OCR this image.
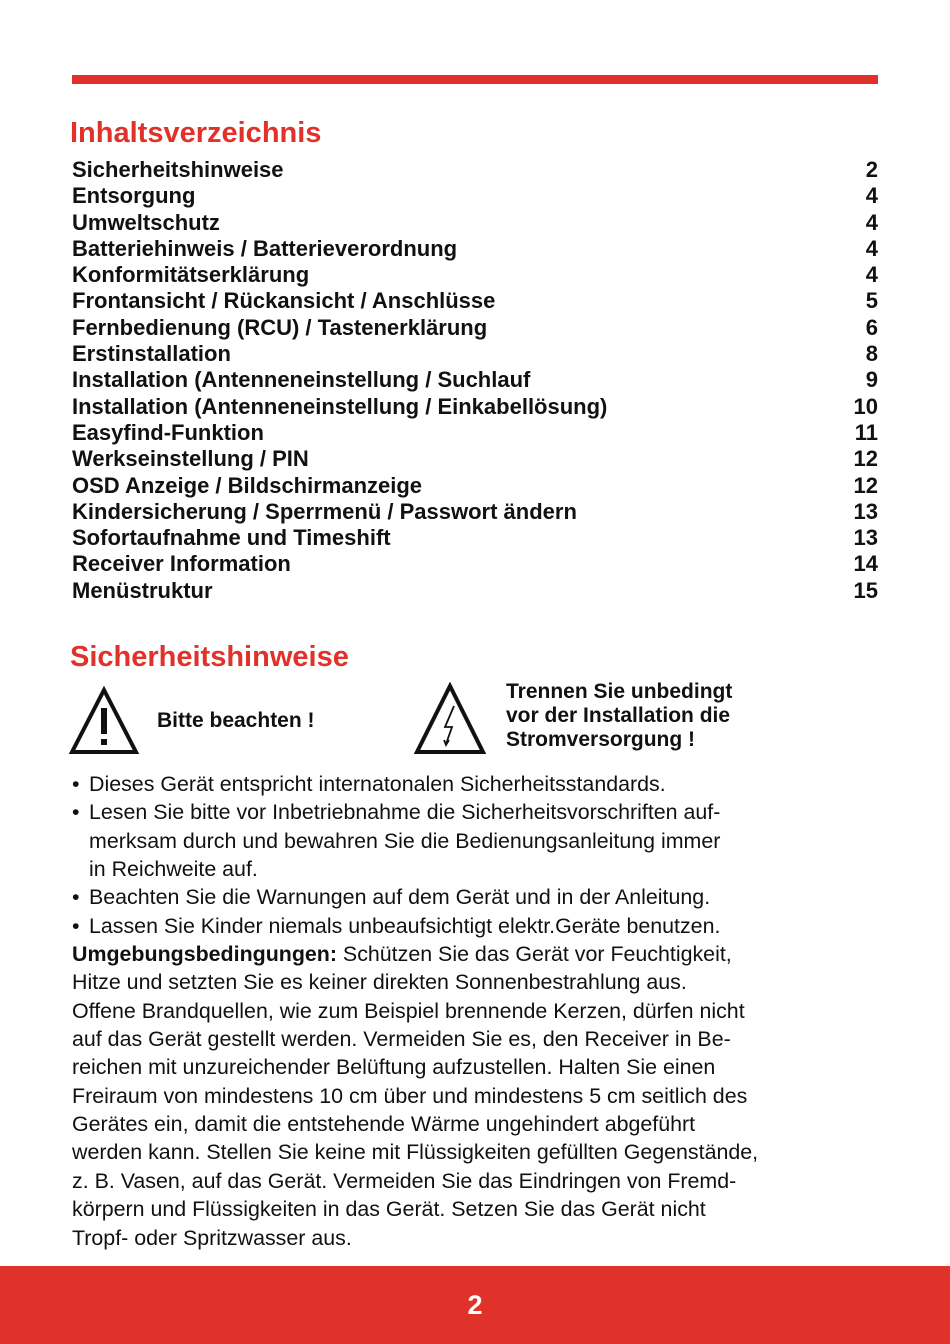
Inhaltsverzeichnis
Sicherheitshinweise	2
Entsorgung	4
Umweltschutz	4
Batteriehinweis / Batterieverordnung	4
Konformitätserklärung	4
Frontansicht / Rückansicht / Anschlüsse	5
Fernbedienung (RCU) / Tastenerklärung	6
Erstinstallation	8
Installation (Antenneneinstellung / Suchlauf	9
Installation (Antenneneinstellung / Einkabellösung)	10
Easyfind-Funktion	11
Werkseinstellung / PIN	12
OSD Anzeige / Bildschirmanzeige	12
Kindersicherung / Sperrmenü / Passwort ändern	13
Sofortaufnahme und Timeshift	13
Receiver Information	14
Menüstruktur	15
Sicherheitshinweise
Bitte beachten !
Trennen Sie unbedingt
vor der Installation die
Stromversorgung !
• Dieses Gerät entspricht internatonalen Sicherheitsstandards.
• Lesen Sie bitte vor Inbetriebnahme die Sicherheitsvorschriften auf-
merksam durch und bewahren Sie die Bedienungsanleitung immer
in Reichweite auf.
• Beachten Sie die Warnungen auf dem Gerät und in der Anleitung.
• Lassen Sie Kinder niemals unbeaufsichtigt elektr.Geräte benutzen.
Umgebungsbedingungen: Schützen Sie das Gerät vor Feuchtigkeit,
Hitze und setzten Sie es keiner direkten Sonnenbestrahlung aus.
Offene Brandquellen, wie zum Beispiel brennende Kerzen, dürfen nicht
auf das Gerät gestellt werden. Vermeiden Sie es, den Receiver in Be-
reichen mit unzureichender Belüftung aufzustellen. Halten Sie einen
Freiraum von mindestens 10 cm über und mindestens 5 cm seitlich des
Gerätes ein, damit die entstehende Wärme ungehindert abgeführt
werden kann. Stellen Sie keine mit Flüssigkeiten gefüllten Gegenstände,
z. B. Vasen, auf das Gerät. Vermeiden Sie das Eindringen von Fremd-
körpern und Flüssigkeiten in das Gerät. Setzen Sie das Gerät nicht
Tropf- oder Spritzwasser aus.
2
